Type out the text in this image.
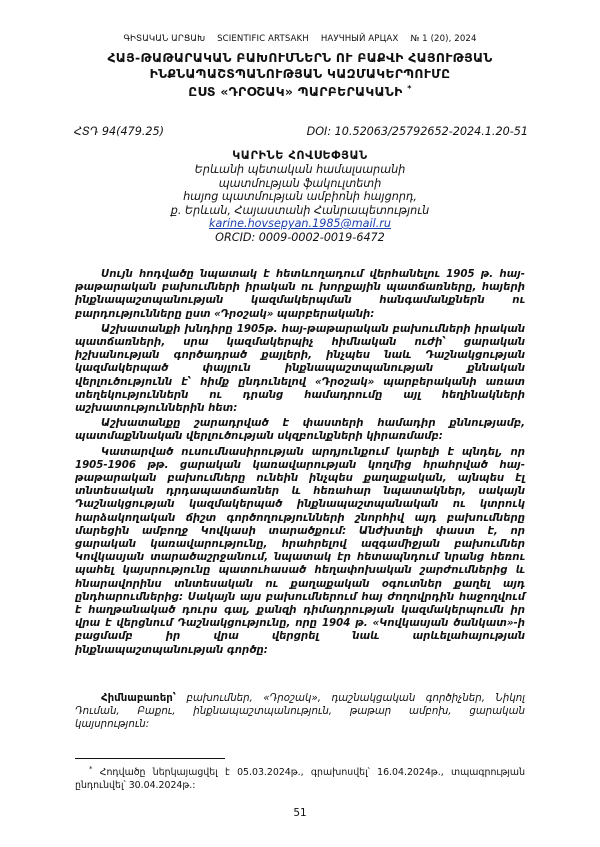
ԳԻՏԱԿԱՆ ԱՐՑԱԽ SCIENTIFIC ARTSAKH НАУЧНЫЙ АРЦАХ № 1 (20), 2024
ՀԱՅ-ԹԱԹԱՐԱԿԱՆ ԲԱԽՈՒՄՆԵՐՆ ՈՒ ԲԱՔՎԻ ՀԱՅՈՒԹՅԱՆ
ԻՆՔՆԱՊԱՇՏՊԱՆՈՒԹՅԱՆ ԿԱԶՄԱԿԵՐՊՈՒՄԸ
ԸՍՏ «ԴՐՕՇԱԿ» ՊԱՐԲԵՐԱԿԱՆԻ *
ՀՏԴ 94(479.25)	DOI: 10.52063/25792652-2024.1.20-51
ԿԱՐԻՆԵ ՀՈՎՍԵՓՅԱՆ
Երևանի պետական համալսարանի
պատմության ֆակուլտետի
հայոց պատմության ամբիոնի հայցորդ,
ք. Երևան, Հայաստանի Հանրապետություն
karine.hovsepyan.1985@mail.ru
ORCID: 0009-0002-0019-6472

Սույն հոդվածը նպատակ է հետևողադում վերհանելու 1905 թ. հայ-թաթարական բախումների իրական ու խորքային պատճառները, հայերի ինքնապաշտպանության կազմակերպման հանգամանքներն ու բարդությունները ըստ «Դրօշակ» պարբերականի:

Աշխատանքի խնդիրը 1905թ. հայ-թաթարական բախումների իրական պատճառների, սրա կազմակերպիչ հիմնական ուժի՝ ցարական իշխանության գործադրած քայլերի, ինչպես նաև Դաշնակցության կազմակերպած փայլուն ինքնապաշտպանության քննական վերլուծությունն է՝ հիմք ընդունելով «Դրօշակ» պարբերականի առատ տեղեկություններն ու դրանց համադրումը այլ հեղինակների աշխատություններին հետ:

Աշխատանքը շարադրված է փաստերի համադիր քննությամբ, պատմաքննական վերլուծության սկզբունքների կիրառմամբ:

Կատարված ուսումնասիրության արդյունքում կարելի է պնդել, որ 1905-1906 թթ. ցարական կառավարության կողմից հրահրված հայ-թաթարական բախումները ունեին ինչպես քաղաքական, այնպես էլ տնտեսական դրդապատճառներ և հեռահար նպատակներ, սակայն Դաշնակցության կազմակերպած ինքնապաշտպանական ու կտրուկ հարձակողական ճիշտ գործողությունների շնորհիվ այդ բախումները մարեցին ամբողջ Կովկասի տարածքում: Անժխտելի փաստ է, որ ցարական կառավարությունը, հրահրելով ազգամիջյան բախումներ Կովկասյան տարածաշրջանում, նպատակ էր հետապնդում նրանց հեռու պահել կայսրությունը պատուհասած հեղափոխական շարժումներից և հնարավորինս տնտեսական ու քաղաքական օգուտներ քաղել այդ ընդհարումներից: Սակայն այս բախումներում հայ ժողովրդին հաջողվում է հաղթանակած դուրս գալ, քանզի դիմադրության կազմակերպումն իր վրա է վերցնում Դաշնակցությունը, որը 1904 թ. «Կովկասյան ծանկատ»-ի բացմամբ իր վրա վերցրել նաև արևելահայության ինքնապաշտպանության գործը:

Հիմնաբառեր՝ բախումներ, «Դրօշակ», դաշնակցական գործիչներ, Նիկոլ Դուման, Բաքու, ինքնապաշտպանություն, թաթար ամբոխ, ցարական կայսրություն:
* Հոդվածը ներկայացվել է 05.03.2024թ., գրախոսվել՝ 16.04.2024թ., տպագրության ընդունվել՝ 30.04.2024թ.:
51
